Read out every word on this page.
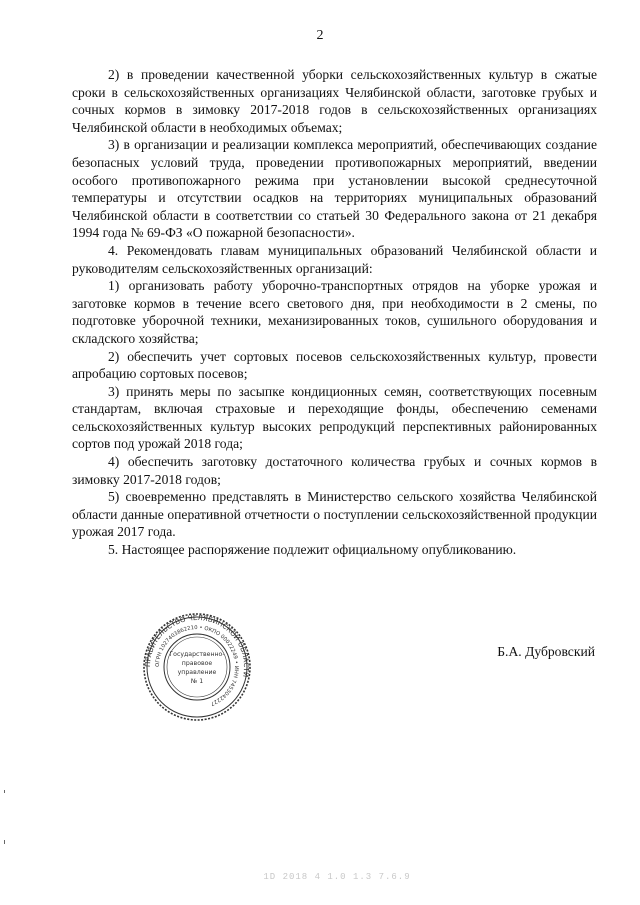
2

2) в проведении качественной уборки сельскохозяйственных культур в сжатые сроки в сельскохозяйственных организациях Челябинской области, заготовке грубых и сочных кормов в зимовку 2017-2018 годов в сельскохозяйственных организациях Челябинской области в необходимых объемах;

3) в организации и реализации комплекса мероприятий, обеспечивающих создание безопасных условий труда, проведении противопожарных мероприятий, введении особого противопожарного режима при установлении высокой среднесуточной температуры и отсутствии осадков на территориях муниципальных образований Челябинской области в соответствии со статьей 30 Федерального закона от 21 декабря 1994 года № 69-ФЗ «О пожарной безопасности».

4. Рекомендовать главам муниципальных образований Челябинской области и руководителям сельскохозяйственных организаций:

1) организовать работу уборочно-транспортных отрядов на уборке урожая и заготовке кормов в течение всего светового дня, при необходимости в 2 смены, по подготовке уборочной техники, механизированных токов, сушильного оборудования и складского хозяйства;

2) обеспечить учет сортовых посевов сельскохозяйственных культур, провести апробацию сортовых посевов;

3) принять меры по засыпке кондиционных семян, соответствующих посевным стандартам, включая страховые и переходящие фонды, обеспечению семенами сельскохозяйственных культур высоких репродукций перспективных районированных сортов под урожай 2018 года;

4) обеспечить заготовку достаточного количества грубых и сочных кормов в зимовку 2017-2018 годов;

5) своевременно представлять в Министерство сельского хозяйства Челябинской области данные оперативной отчетности о поступлении сельскохозяйственной продукции урожая 2017 года.

5. Настоящее распоряжение подлежит официальному опубликованию.

ПРАВИТЕЛЬСТВО ЧЕЛЯБИНСКОЙ ОБЛАСТИ
ОГРН 1027403862210 • ОКПО 00022249 • ИНН 7453042227
Государственно-
правовое
управление
№ 1
Б.А. Дубровский
1D 2018 4 1.0 1.3 7.6.9
